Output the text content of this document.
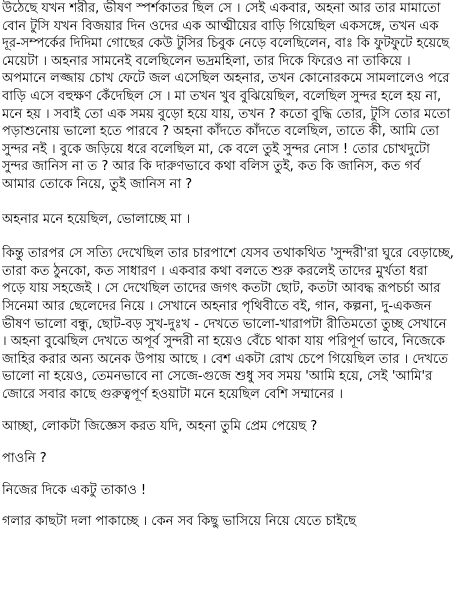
উঠেছে যখন শরীর, ভীষণ স্পর্শকাতর ছিল সে । সেই একবার, অহনা আর তার মামাতো বোন টুসি যখন বিজয়ার দিন ওদের এক আত্মীয়ের বাড়ি গিয়েছিল একসঙ্গে, তখন এক দূর-সম্পর্কের দিদিমা গোছের কেউ টুসির চিবুক নেড়ে বলেছিলেন, বাঃ কি ফুটফুটে হয়েছে মেয়েটা । অহনার সামনেই বলেছিলেন ভদ্রমহিলা, তার দিকে ফিরেও না তাকিয়ে । অপমানে লজ্জায় চোখ ফেটে জল এসেছিল অহনার, তখন কোনোরকমে সামলালেও পরে বাড়ি এসে বহুক্ষণ কেঁদেছিল সে । মা তখন খুব বুঝিয়েছিল, বলেছিল সুন্দর হলে হয় না, মনে হয় । সবাই তো এক সময় বুড়ো হয়ে যায়, তখন ? কতো বুদ্ধি তোর, টুসি তোর মতো পড়াশুনোয় ভালো হতে পারবে ? অহনা কাঁদতে কাঁদতে বলেছিল, তাতে কী, আমি তো সুন্দর নই । বুকে জড়িয়ে ধরে বলেছিল মা, কে বলে তুই সুন্দর নোস ! তোর চোখদুটো সুন্দর জানিস না ত ? আর কি দারুণভাবে কথা বলিস তুই, কত কি জানিস, কত গর্ব আমার তোকে নিয়ে, তুই জানিস না ?

অহনার মনে হয়েছিল, ভোলাচ্ছে মা ।

কিন্তু তারপর সে সত্যি দেখেছিল তার চারপাশে যেসব তথাকথিত 'সুন্দরী'রা ঘুরে বেড়াচ্ছে, তারা কত ঠুনকো, কত সাধারণ । একবার কথা বলতে শুরু করলেই তাদের মুর্খতা ধরা পড়ে যায় সহজেই । সে দেখেছিল তাদের জগৎ কতটা ছোট, কতটা আবদ্ধ রূপচর্চা আর সিনেমা আর ছেলেদের নিয়ে । সেখানে অহনার পৃথিবীতে বই, গান, কল্পনা, দু-একজন ভীষণ ভালো বন্ধু, ছোট-বড় সুখ-দুঃখ - দেখতে ভালো-খারাপটা রীতিমতো তুচ্ছ সেখানে । অহনা বুঝেছিল দেখতে অপূর্ব সুন্দরী না হয়েও বেঁচে থাকা যায় পরিপূর্ণ ভাবে, নিজেকে জাহির করার অন্য অনেক উপায় আছে । বেশ একটা রোখ চেপে গিয়েছিল তার । দেখতে ভালো না হয়েও, তেমনভাবে না সেজে-গুজে শুধু সব সময় 'আমি হয়ে, সেই 'আমি'র জোরে সবার কাছে গুরুত্বপূর্ণ হওয়াটা মনে হয়েছিল বেশি সম্মানের ।

আচ্ছা, লোকটা জিজ্ঞেস করত যদি, অহনা তুমি প্রেম পেয়েছ ?

পাওনি ?

নিজের দিকে একটু তাকাও !

গলার কাছটা দলা পাকাচ্ছে । কেন সব কিছু ভাসিয়ে নিয়ে যেতে চাইছে
